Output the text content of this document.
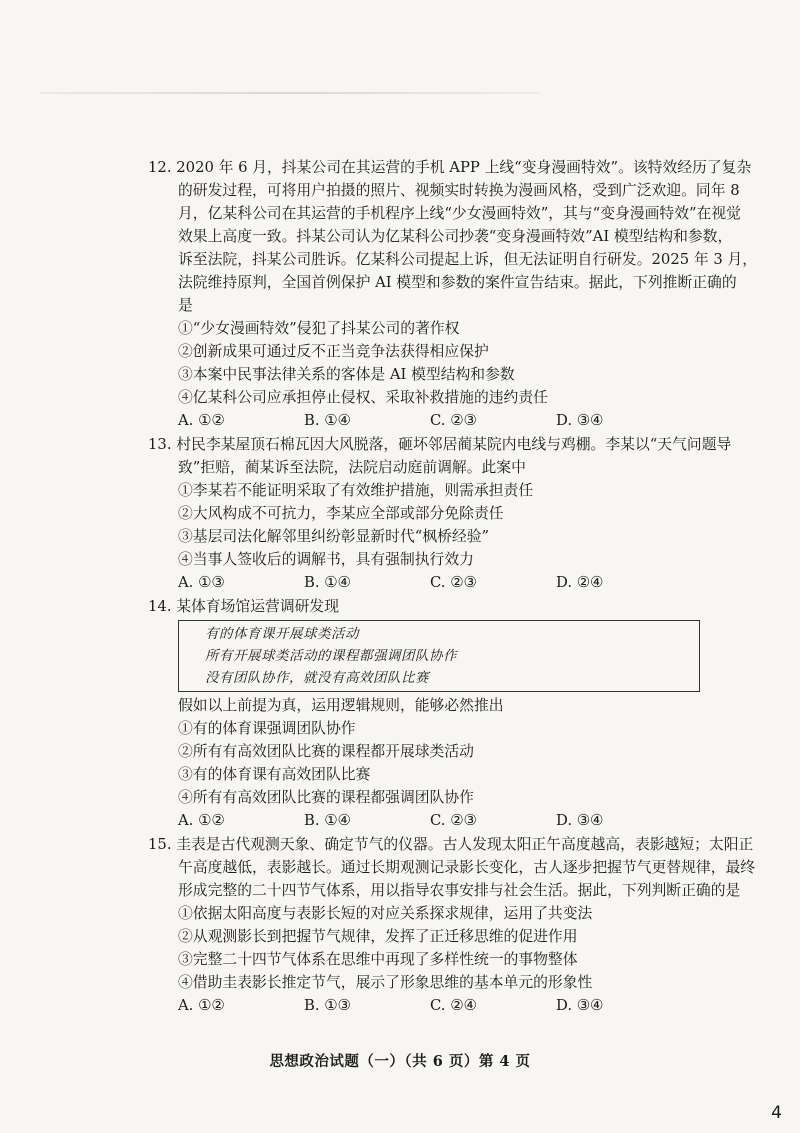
12. 2020 年 6 月，抖某公司在其运营的手机 APP 上线“变身漫画特效”。该特效经历了复杂
的研发过程，可将用户拍摄的照片、视频实时转换为漫画风格，受到广泛欢迎。同年 8
月，亿某科公司在其运营的手机程序上线“少女漫画特效”，其与“变身漫画特效”在视觉
效果上高度一致。抖某公司认为亿某科公司抄袭“变身漫画特效”AI 模型结构和参数，
诉至法院，抖某公司胜诉。亿某科公司提起上诉，但无法证明自行研发。2025 年 3 月，
法院维持原判，全国首例保护 AI 模型和参数的案件宣告结束。据此，下列推断正确的
是
①“少女漫画特效”侵犯了抖某公司的著作权
②创新成果可通过反不正当竞争法获得相应保护
③本案中民事法律关系的客体是 AI 模型结构和参数
④亿某科公司应承担停止侵权、采取补救措施的违约责任
A. ①②	B. ①④	C. ②③	D. ③④
13. 村民李某屋顶石棉瓦因大风脱落，砸坏邻居蔺某院内电线与鸡棚。李某以“天气问题导
致”拒赔，蔺某诉至法院，法院启动庭前调解。此案中
①李某若不能证明采取了有效维护措施，则需承担责任
②大风构成不可抗力，李某应全部或部分免除责任
③基层司法化解邻里纠纷彰显新时代“枫桥经验”
④当事人签收后的调解书，具有强制执行效力
A. ①③	B. ①④	C. ②③	D. ②④
14. 某体育场馆运营调研发现
有的体育课开展球类活动
所有开展球类活动的课程都强调团队协作
没有团队协作，就没有高效团队比赛
假如以上前提为真，运用逻辑规则，能够必然推出
①有的体育课强调团队协作
②所有有高效团队比赛的课程都开展球类活动
③有的体育课有高效团队比赛
④所有有高效团队比赛的课程都强调团队协作
A. ①②	B. ①④	C. ②③	D. ③④
15. 圭表是古代观测天象、确定节气的仪器。古人发现太阳正午高度越高，表影越短；太阳正
午高度越低，表影越长。通过长期观测记录影长变化，古人逐步把握节气更替规律，最终
形成完整的二十四节气体系，用以指导农事安排与社会生活。据此，下列判断正确的是
①依据太阳高度与表影长短的对应关系探求规律，运用了共变法
②从观测影长到把握节气规律，发挥了正迁移思维的促进作用
③完整二十四节气体系在思维中再现了多样性统一的事物整体
④借助圭表影长推定节气，展示了形象思维的基本单元的形象性
A. ①②	B. ①③	C. ②④	D. ③④
思想政治试题（一）（共 6 页）第 4 页
4
